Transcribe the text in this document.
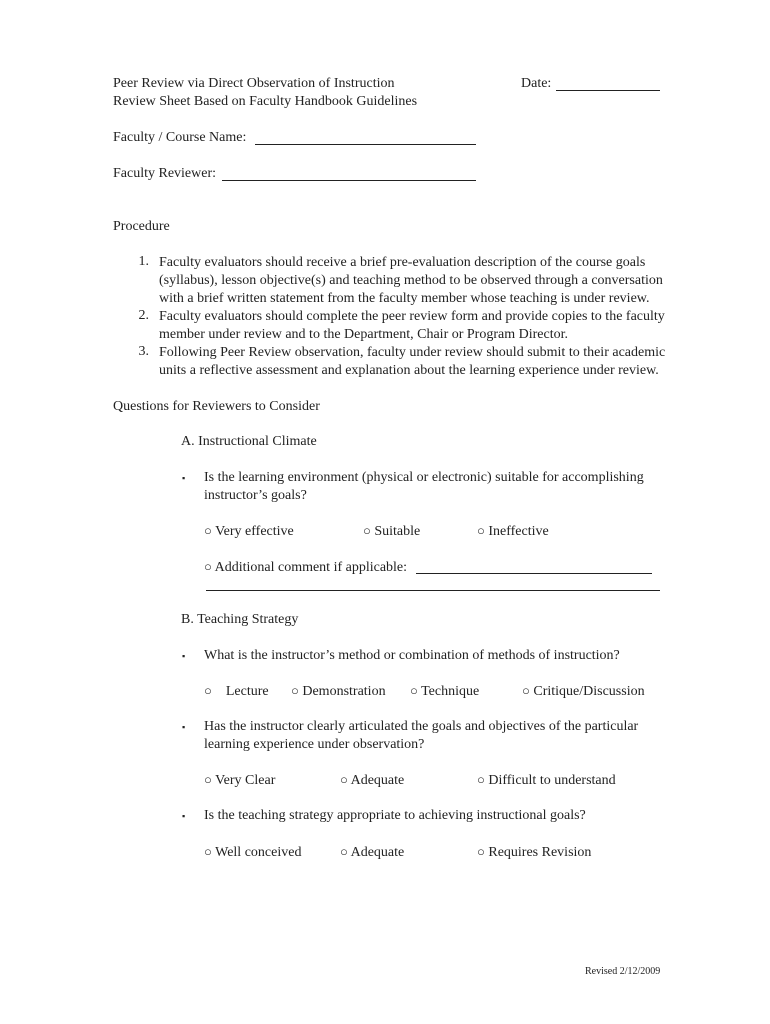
Peer Review via Direct Observation of Instruction
Review Sheet Based on Faculty Handbook Guidelines
Date:
Faculty / Course Name:
Faculty Reviewer:
Procedure
1. Faculty evaluators should receive a brief pre-evaluation description of the course goals
(syllabus), lesson objective(s) and teaching method to be observed through a conversation
with a brief written statement from the faculty member whose teaching is under review.
2. Faculty evaluators should complete the peer review form and provide copies to the faculty
member under review and to the Department, Chair or Program Director.
3. Following Peer Review observation, faculty under review should submit to their academic
units a reflective assessment and explanation about the learning experience under review.
Questions for Reviewers to Consider
A. Instructional Climate
▪ Is the learning environment (physical or electronic) suitable for accomplishing
instructor’s goals?
○ Very effective	○ Suitable	○ Ineffective
○ Additional comment if applicable:
B. Teaching Strategy
▪ What is the instructor’s method or combination of methods of instruction?
○ Lecture ○ Demonstration ○ Technique	○ Critique/Discussion
▪ Has the instructor clearly articulated the goals and objectives of the particular
learning experience under observation?
○ Very Clear	○ Adequate	○ Difficult to understand
▪ Is the teaching strategy appropriate to achieving instructional goals?
○ Well conceived	○ Adequate	○ Requires Revision
Revised 2/12/2009
